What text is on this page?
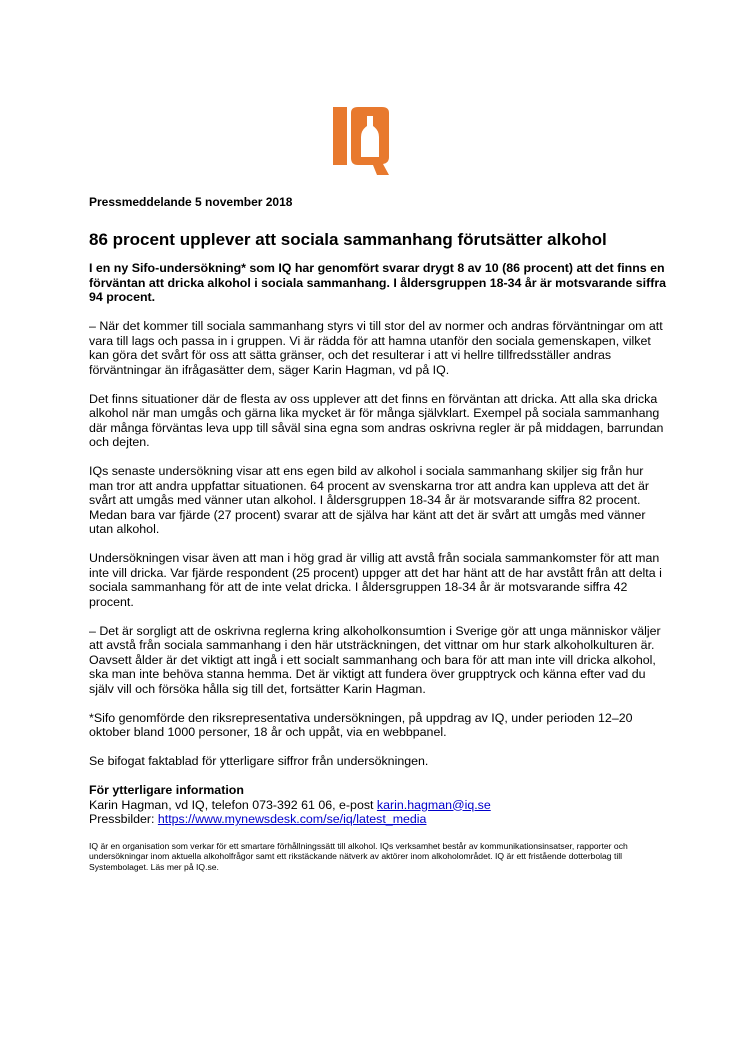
Pressmeddelande 5 november 2018
86 procent upplever att sociala sammanhang förutsätter alkohol

I en ny Sifo-undersökning* som IQ har genomfört svarar drygt 8 av 10 (86 procent) att det finns en förväntan att dricka alkohol i sociala sammanhang. I åldersgruppen 18-34 år är motsvarande siffra 94 procent.

– När det kommer till sociala sammanhang styrs vi till stor del av normer och andras förväntningar om att vara till lags och passa in i gruppen. Vi är rädda för att hamna utanför den sociala gemenskapen, vilket kan göra det svårt för oss att sätta gränser, och det resulterar i att vi hellre tillfredsställer andras förväntningar än ifrågasätter dem, säger Karin Hagman, vd på IQ.

Det finns situationer där de flesta av oss upplever att det finns en förväntan att dricka. Att alla ska dricka alkohol när man umgås och gärna lika mycket är för många självklart. Exempel på sociala sammanhang där många förväntas leva upp till såväl sina egna som andras oskrivna regler är på middagen, barrundan och dejten.

IQs senaste undersökning visar att ens egen bild av alkohol i sociala sammanhang skiljer sig från hur man tror att andra uppfattar situationen. 64 procent av svenskarna tror att andra kan uppleva att det är svårt att umgås med vänner utan alkohol. I åldersgruppen 18-34 år är motsvarande siffra 82 procent. Medan bara var fjärde (27 procent) svarar att de själva har känt att det är svårt att umgås med vänner utan alkohol.

Undersökningen visar även att man i hög grad är villig att avstå från sociala sammankomster för att man inte vill dricka. Var fjärde respondent (25 procent) uppger att det har hänt att de har avstått från att delta i sociala sammanhang för att de inte velat dricka. I åldersgruppen 18-34 år är motsvarande siffra 42 procent.

– Det är sorgligt att de oskrivna reglerna kring alkoholkonsumtion i Sverige gör att unga människor väljer att avstå från sociala sammanhang i den här utsträckningen, det vittnar om hur stark alkoholkulturen är. Oavsett ålder är det viktigt att ingå i ett socialt sammanhang och bara för att man inte vill dricka alkohol, ska man inte behöva stanna hemma. Det är viktigt att fundera över grupptryck och känna efter vad du själv vill och försöka hålla sig till det, fortsätter Karin Hagman.

*Sifo genomförde den riksrepresentativa undersökningen, på uppdrag av IQ, under perioden 12–20 oktober bland 1000 personer, 18 år och uppåt, via en webbpanel.

Se bifogat faktablad för ytterligare siffror från undersökningen.

För ytterligare information
Karin Hagman, vd IQ, telefon 073-392 61 06, e-post karin.hagman@iq.se
Pressbilder: https://www.mynewsdesk.com/se/iq/latest_media

IQ är en organisation som verkar för ett smartare förhållningssätt till alkohol. IQs verksamhet består av kommunikationsinsatser, rapporter och undersökningar inom aktuella alkoholfrågor samt ett rikstäckande nätverk av aktörer inom alkoholområdet. IQ är ett fristående dotterbolag till Systembolaget. Läs mer på IQ.se.
